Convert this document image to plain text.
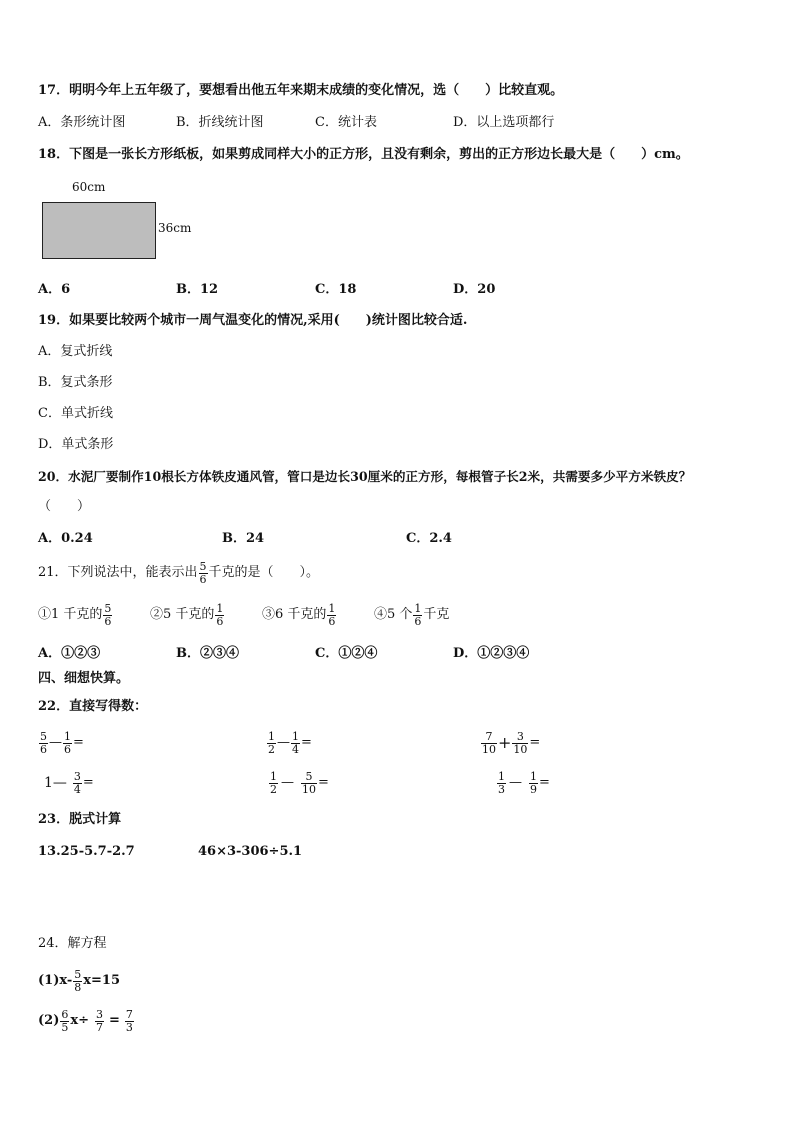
17．明明今年上五年级了，要想看出他五年来期末成绩的变化情况，选（　　）比较直观。
A．条形统计图	B．折线统计图	C．统计表	D．以上选项都行
18．下图是一张长方形纸板，如果剪成同样大小的正方形，且没有剩余，剪出的正方形边长最大是（　　）cm。
60cm
36cm
A．6	B．12	C．18	D．20
19．如果要比较两个城市一周气温变化的情况,采用(　　)统计图比较合适.
A．复式折线
B．复式条形
C．单式折线
D．单式条形
20．水泥厂要制作10根长方体铁皮通风管，管口是边长30厘米的正方形，每根管子长2米，共需要多少平方米铁皮？
（　　）
A．0.24	B．24	C．2.4
21．下列说法中，能表示出 $\frac{5}{6}$ 千克的是（　　）。
①1 千克的 $\frac{5}{6}$	②5 千克的 $\frac{1}{6}$	③6 千克的 $\frac{1}{6}$	④5 个 $\frac{1}{6}$ 千克
A．①②③	B．②③④	C．①②④	D．①②③④
四、细想快算。
22．直接写得数：
$\frac{5}{6}$ — $\frac{1}{6}$ =	$\frac{1}{2}$ — $\frac{1}{4}$ =	$\frac{7}{10} + \frac{3}{10}$ =
1— $\frac{3}{4}$ =	$\frac{1}{2}$ — $\frac{5}{10}$ =	$\frac{1}{3}$ — $\frac{1}{9}$ =
23．脱式计算
13.25-5.7-2.7	46×3-306÷5.1
24．解方程
$(1)x- \frac{5}{8} x=15$
$(2) \frac{6}{5} x\div \frac{3}{7} = \frac{7}{3}$
